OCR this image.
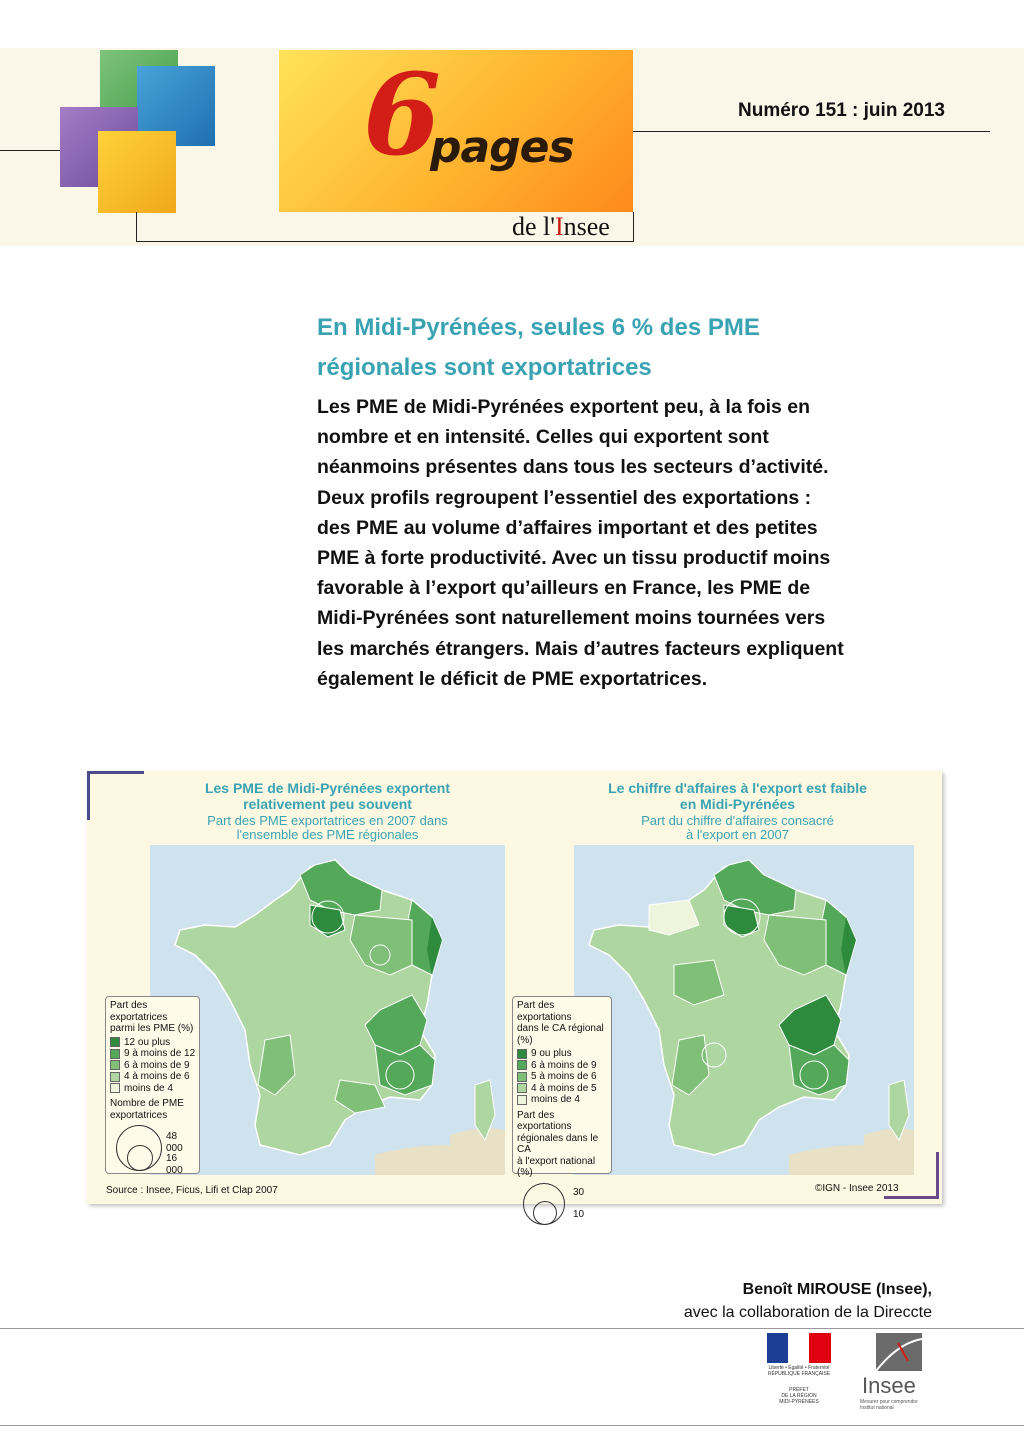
6
pages
de l'Insee
Numéro 151 : juin 2013
En Midi-Pyrénées, seules 6 % des PME
régionales sont exportatrices
Les PME de Midi-Pyrénées exportent peu, à la fois en
nombre et en intensité. Celles qui exportent sont
néanmoins présentes dans tous les secteurs d’activité.
Deux profils regroupent l’essentiel des exportations :
des PME au volume d’affaires important et des petites
PME à forte productivité. Avec un tissu productif moins
favorable à l’export qu’ailleurs en France, les PME de
Midi-Pyrénées sont naturellement moins tournées vers
les marchés étrangers. Mais d’autres facteurs expliquent
également le déficit de PME exportatrices.
Les PME de Midi-Pyrénées exportent
relativement peu souvent
Part des PME exportatrices en 2007 dans
l'ensemble des PME régionales
Le chiffre d'affaires à l'export est faible
en Midi-Pyrénées
Part du chiffre d'affaires consacré
à l'export en 2007
Part des exportatrices
parmi les PME (%)
12 ou plus
9 à moins de 12
6 à moins de 9
4 à moins de 6
moins de 4
Nombre de PME
exportatrices
48 000
16 000
Part des exportations
dans le CA régional (%)
9 ou plus
6 à moins de 9
5 à moins de 6
4 à moins de 5
moins de 4
Part des exportations
régionales dans le CA
à l'export national (%)
30
10
Source : Insee, Ficus, Lifi et Clap 2007	©IGN - Insee 2013
Benoît MIROUSE (Insee),
avec la collaboration de la Direccte
Liberté • Égalité • Fraternité
RÉPUBLIQUE FRANÇAISE
PRÉFET
DE LA RÉGION
MIDI-PYRÉNÉES
Insee
Mesurer pour comprendre
Institut national
